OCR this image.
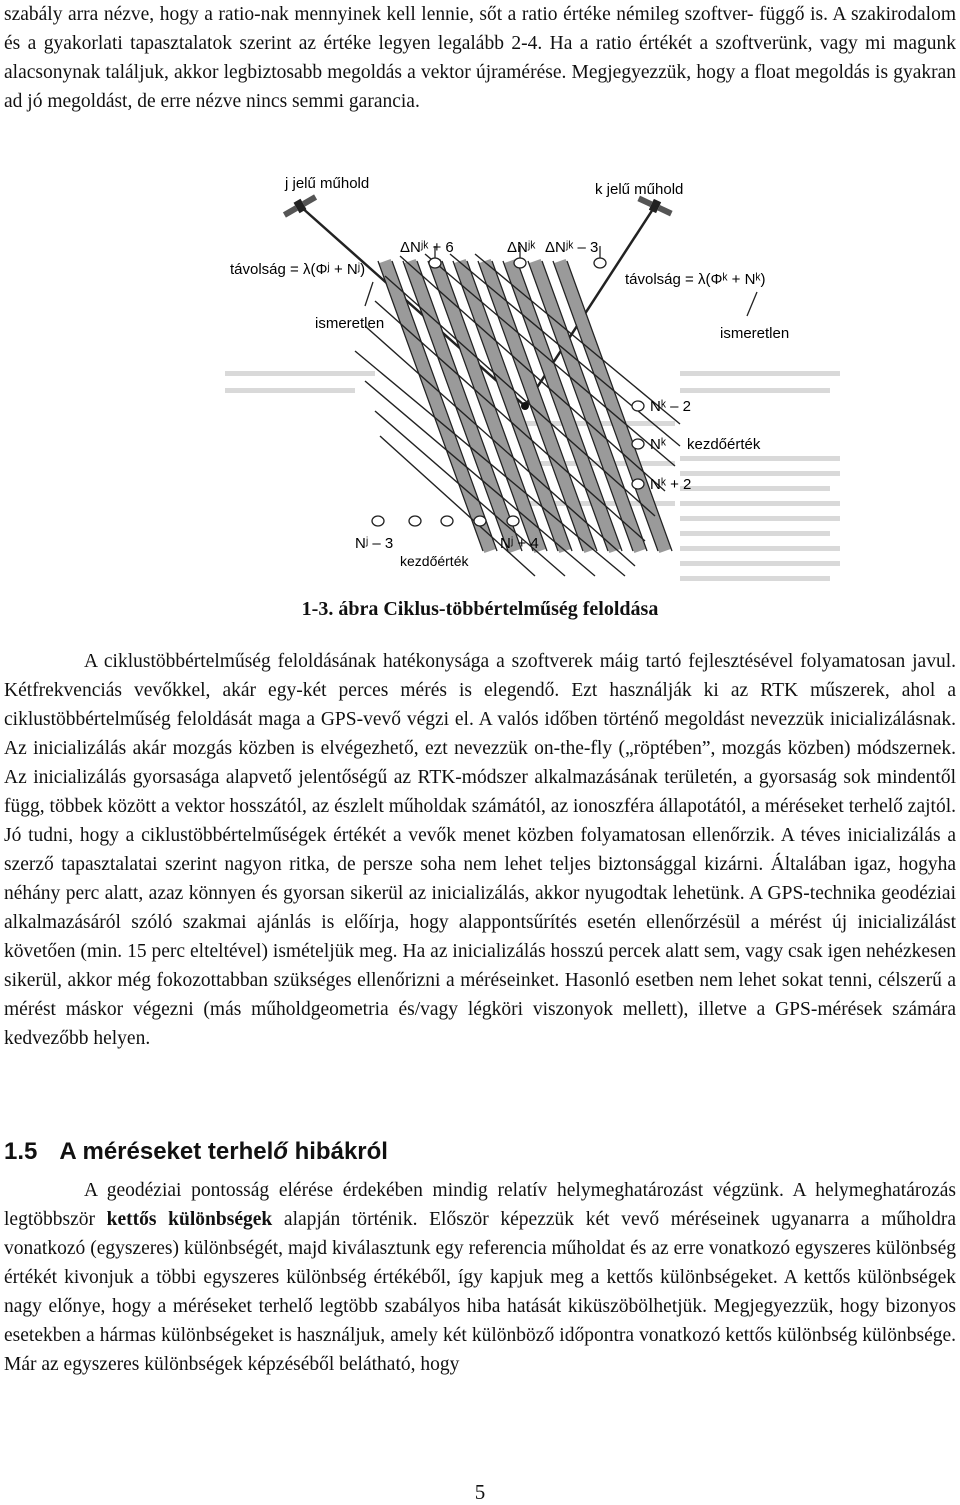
szabály arra nézve, hogy a ratio-nak mennyinek kell lennie, sőt a ratio értéke némileg szoftver- függő is. A szakirodalom és a gyakorlati tapasztalatok szerint az értéke legyen legalább 2-4. Ha a ratio értékét a szoftverünk, vagy mi magunk alacsonynak találjuk, akkor legbiztosabb megoldás a vektor újramérése. Megjegyezzük, hogy a float megoldás is gyakran ad jó megoldást, de erre nézve nincs semmi garancia.

j jelű műhold	k jelű műhold
távolság = λ(Φʲ + Nʲ)
távolság = λ(Φᵏ + Nᵏ)
ismeretlen
ismeretlen
ΔNʲᵏ + 6	ΔNʲᵏ ΔNʲᵏ – 3
Nᵏ – 2
Nᵏ kezdőérték
Nᵏ + 2
Nʲ – 3	Nʲ + 4
kezdőérték
1-3. ábra Ciklus-többértelműség feloldása

A ciklustöbbértelműség feloldásának hatékonysága a szoftverek máig tartó fejlesztésével folyamatosan javul. Kétfrekvenciás vevőkkel, akár egy-két perces mérés is elegendő. Ezt használják ki az RTK műszerek, ahol a ciklustöbbértelműség feloldását maga a GPS-vevő végzi el. A valós időben történő megoldást nevezzük inicializálásnak. Az inicializálás akár mozgás közben is elvégezhető, ezt nevezzük on-the-fly („röptében”, mozgás közben) módszernek. Az inicializálás gyorsasága alapvető jelentőségű az RTK-módszer alkalmazásának területén, a gyorsaság sok mindentől függ, többek között a vektor hosszától, az észlelt műholdak számától, az ionoszféra állapotától, a méréseket terhelő zajtól. Jó tudni, hogy a ciklustöbbértelműségek értékét a vevők menet közben folyamatosan ellenőrzik. A téves inicializálás a szerző tapasztalatai szerint nagyon ritka, de persze soha nem lehet teljes biztonsággal kizárni. Általában igaz, hogyha néhány perc alatt, azaz könnyen és gyorsan sikerül az inicializálás, akkor nyugodtak lehetünk. A GPS-technika geodéziai alkalmazásáról szóló szakmai ajánlás is előírja, hogy alappontsűrítés esetén ellenőrzésül a mérést új inicializálást követően (min. 15 perc elteltével) ismételjük meg. Ha az inicializálás hosszú percek alatt sem, vagy csak igen nehézkesen sikerül, akkor még fokozottabban szükséges ellenőrizni a méréseinket. Hasonló esetben nem lehet sokat tenni, célszerű a mérést máskor végezni (más műholdgeometria és/vagy légköri viszonyok mellett), illetve a GPS-mérések számára kedvezőbb helyen.

1.5 A méréseket terhelő hibákról

A geodéziai pontosság elérése érdekében mindig relatív helymeghatározást végzünk. A helymeghatározás legtöbbször kettős különbségek alapján történik. Először képezzük két vevő méréseinek ugyanarra a műholdra vonatkozó (egyszeres) különbségét, majd kiválasztunk egy referencia műholdat és az erre vonatkozó egyszeres különbség értékét kivonjuk a többi egyszeres különbség értékéből, így kapjuk meg a kettős különbségeket. A kettős különbségek nagy előnye, hogy a méréseket terhelő legtöbb szabályos hiba hatását kiküszöbölhetjük. Megjegyezzük, hogy bizonyos esetekben a hármas különbségeket is használjuk, amely két különböző időpontra vonatkozó kettős különbség különbsége. Már az egyszeres különbségek képzéséből belátható, hogy

5
